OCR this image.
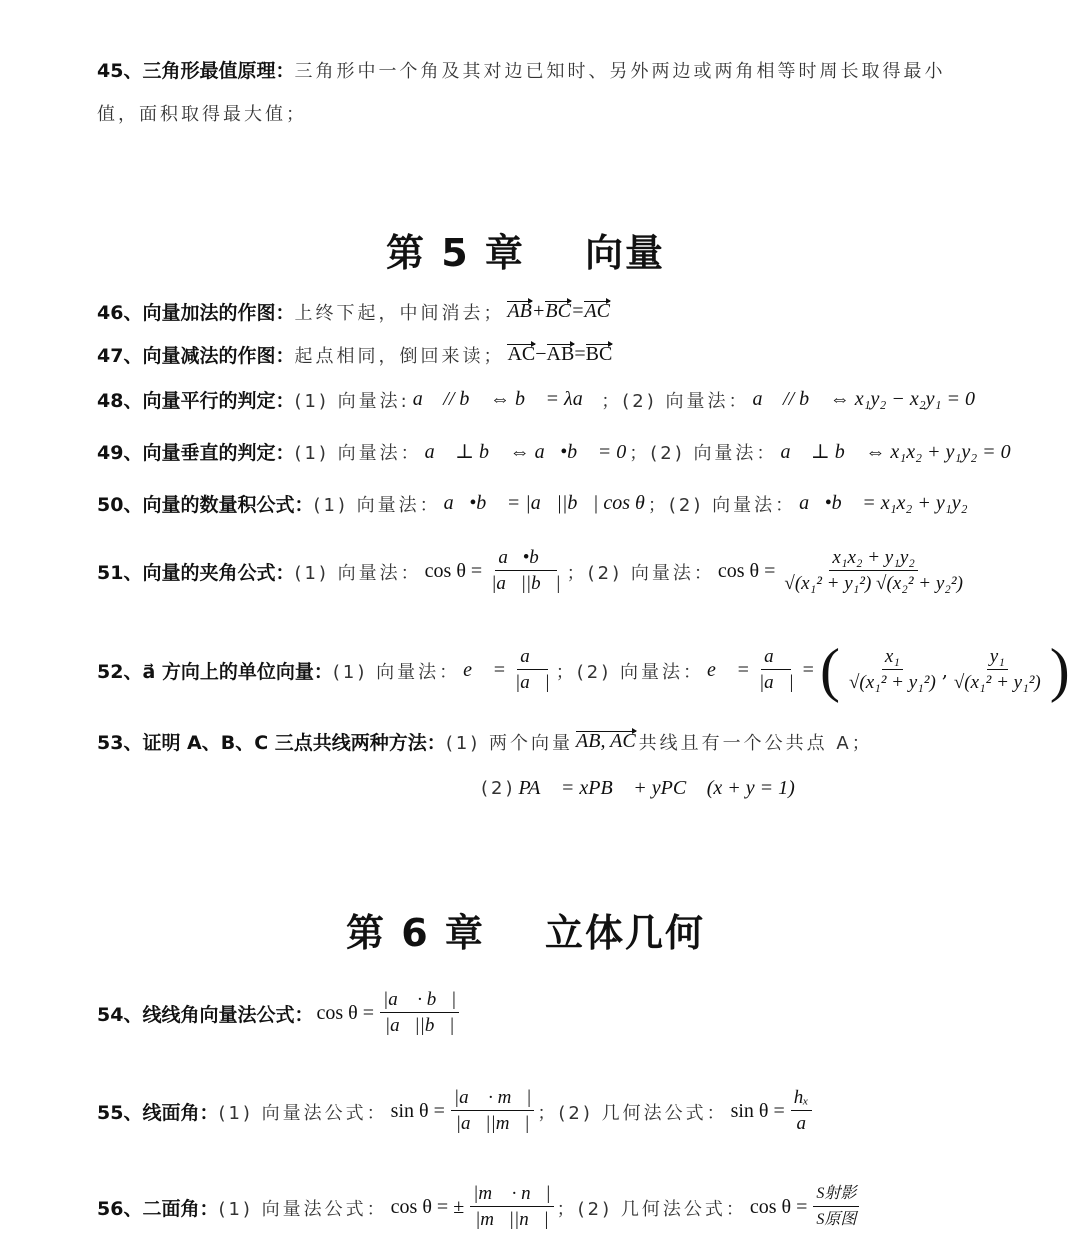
45、三角形最值原理：三角形中一个角及其对边已知时、另外两边或两角相等时周长取得最小值，面积取得最大值；
第 5 章 向量
46、向量加法的作图： 上终下起，中间消去； AB+BC=AC
47、向量减法的作图： 起点相同，倒回来读； AC−AB=BC
48、向量平行的判定： (1) 向量法: a⃗ // b⃗ ⇔ b⃗ = λa⃗ ； (2) 向量法： a⃗ // b⃗ ⇔ x₁y₂ − x₂y₁ = 0
49、向量垂直的判定： (1) 向量法： a⃗ ⊥ b⃗ ⇔ a⃗•b⃗ = 0 ； (2) 向量法： a⃗ ⊥ b⃗ ⇔ x₁x₂ + y₁y₂ = 0
50、向量的数量积公式： (1) 向量法： a⃗•b⃗ = |a⃗||b⃗| cos θ ； (2) 向量法： a⃗•b⃗ = x₁x₂ + y₁y₂
51、向量的夹角公式： (1) 向量法： $\cos \theta = \frac{a⃗•b⃗}{|a⃗||b⃗|}$ ； (2) 向量法： $\cos \theta = \frac{\text{x₁x₂ + y₁y₂}}{\text{√(x₁² + y₁²) √(x₂² + y₂²)}}$
52、a⃗ 方向上的单位向量： (1) 向量法： e⃗ = $\frac{a⃗}{|a⃗|}$ ； (2) 向量法： e⃗ = $\frac{a⃗}{|a⃗|}$ = ( $\frac{\text{x₁}}{\text{√(x₁² + y₁²)}}$ , $\frac{\text{y₁}}{\text{√(x₁² + y₁²)}}$ )
53、证明 A、B、C 三点共线两种方法： (1) 两个向量 AB, AC 共线且有一个公共点 A；
(2) PA⃗ = xPB⃗ + yPC⃗ (x + y = 1)
第 6 章 立体几何
54、线线角向量法公式： $\cos \theta = \frac{|a⃗ \cdot b⃗|}{|a⃗||b⃗|}$
55、线面角： (1) 向量法公式： $\sin \theta = \frac{|a⃗ \cdot m⃗|}{|a⃗||m⃗|}$ ； (2) 几何法公式： $\sin \theta = \frac{\text{hₓ}}{a}$
56、二面角： (1) 向量法公式： cos θ = ± $\frac{|m⃗ \cdot n⃗|}{|m⃗||n⃗|}$ ； (2) 几何法公式： $\cos \theta = \frac{\text{S射影}}{\text{S原图}}$
